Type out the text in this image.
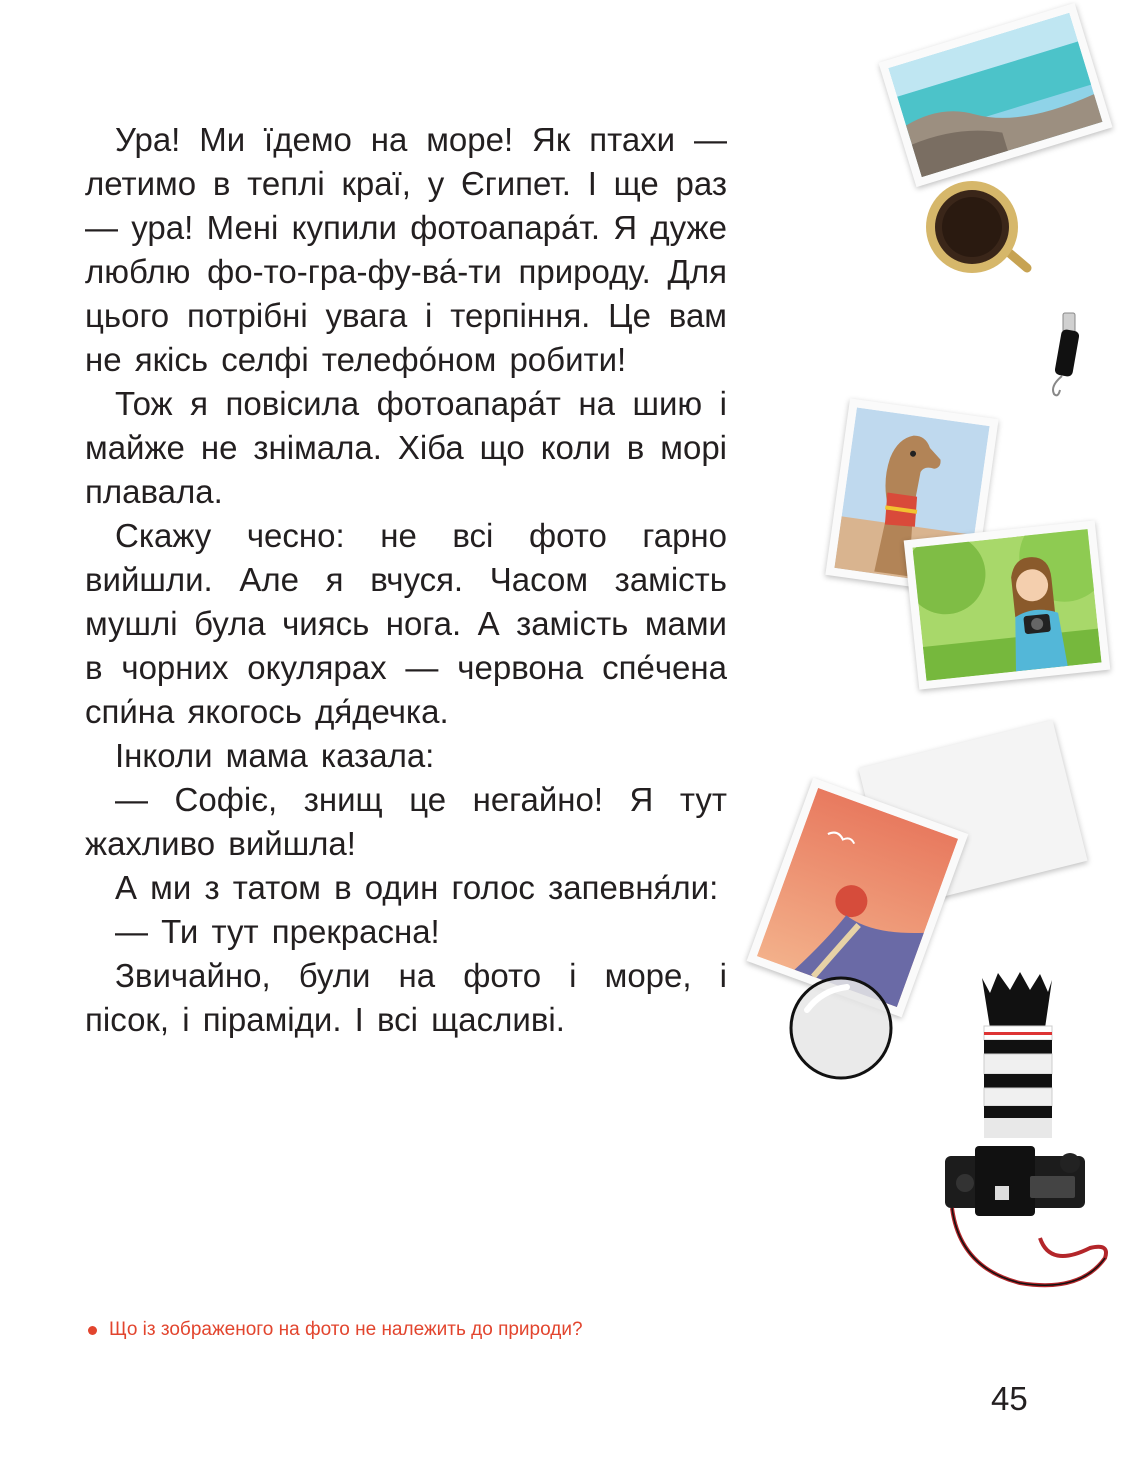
Ура! Ми їдемо на море! Як птахи — летимо в теплі краї, у Єгипет. І ще раз — ура! Мені купили фотоапара́т. Я дуже люблю фо-то-гра-фу-ва́-ти природу. Для цього потрібні увага і терпіння. Це вам не якісь селфі телефо́ном робити!

Тож я повісила фотоапара́т на шию і майже не знімала. Хіба що коли в морі плавала.

Скажу чесно: не всі фото гарно вийшли. Але я вчуся. Часом замість мушлі була чиясь нога. А замість мами в чорних окулярах — червона спе́чена спи́на якогось дя́дечка.

Інколи мама казала:

— Софіє, знищ це негайно! Я тут жахливо вийшла!

А ми з татом в один голос запевня́ли:

— Ти тут прекрасна!

Звичайно, були на фото і море, і пісок, і піраміди. І всі щасливі.

Що із зображеного на фото не належить до природи?
45
